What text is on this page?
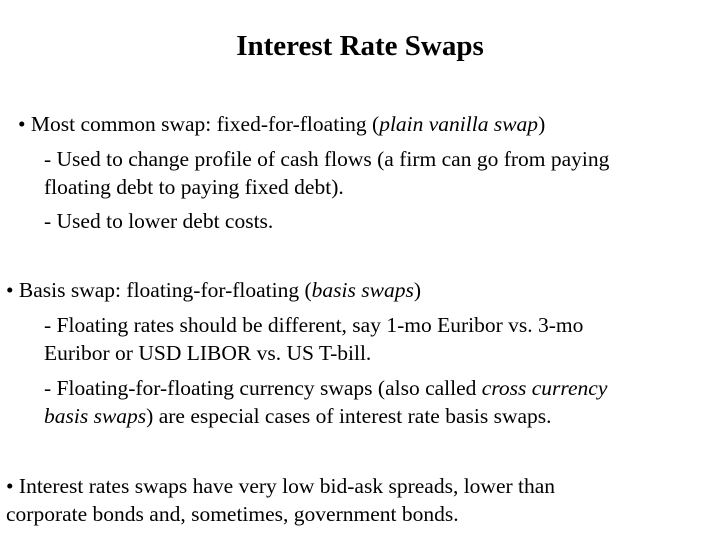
Interest Rate Swaps
• Most common swap: fixed-for-floating (plain vanilla swap)
- Used to change profile of cash flows (a firm can go from paying
floating debt to paying fixed debt).
- Used to lower debt costs.
• Basis swap: floating-for-floating (basis swaps)
- Floating rates should be different, say 1-mo Euribor vs. 3-mo
Euribor or USD LIBOR vs. US T-bill.
- Floating-for-floating currency swaps (also called cross currency
basis swaps) are especial cases of interest rate basis swaps.
• Interest rates swaps have very low bid-ask spreads, lower than
corporate bonds and, sometimes, government bonds.
